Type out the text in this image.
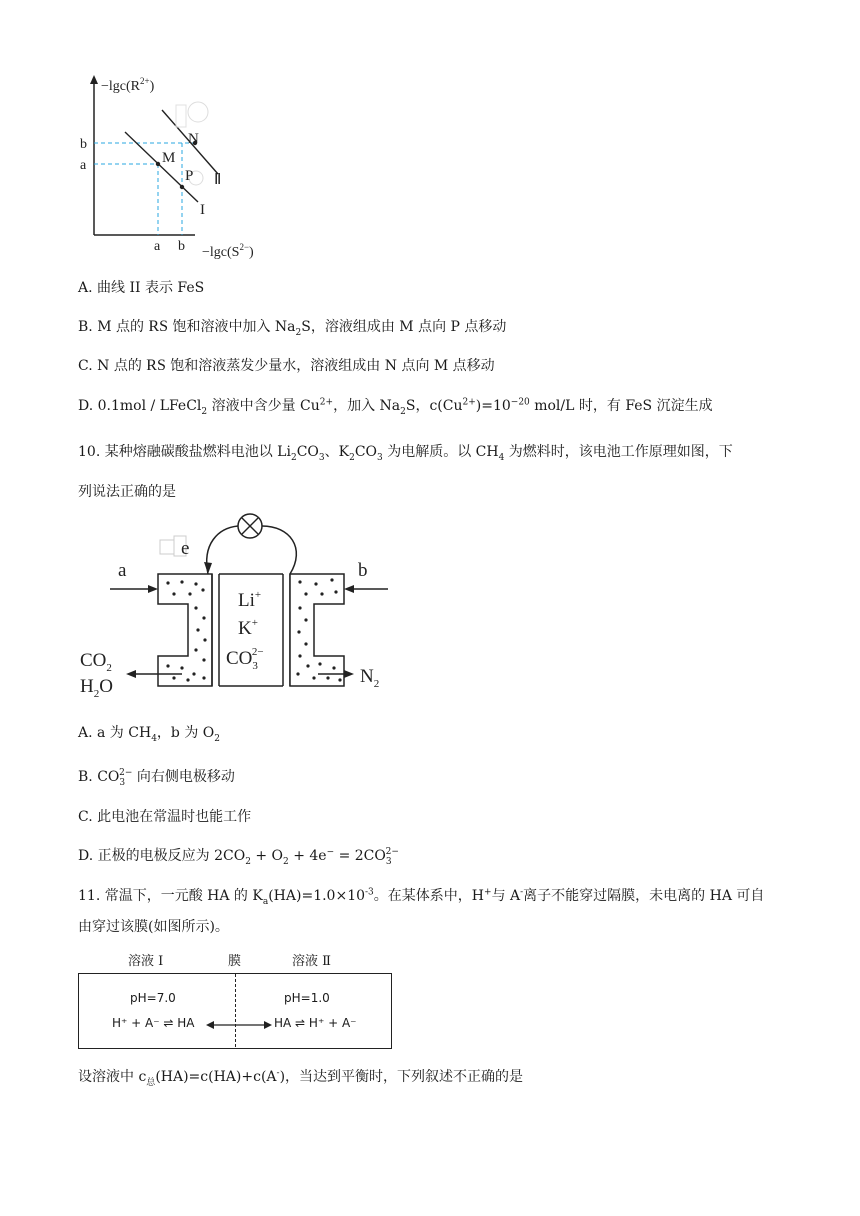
$-\lg c(R^{2+})$
b
a
a $b -\lg c(S^{2-})$
N
M
P
I
Ⅱ
A. 曲线 II 表示 FeS
B. M 点的 RS 饱和溶液中加入 $Na_2S$，溶液组成由 M 点向 P 点移动
C. N 点的 RS 饱和溶液蒸发少量水，溶液组成由 N 点向 M 点移动
D. 0.1mol / LFeCl$_2$ 溶液中含少量 $Cu^{2+}$，加入 $Na_2S$，$c(Cu^{2+})=10^{-20}$ mol/L 时，有 FeS 沉淀生成
10. 某种熔融碳酸盐燃料电池以 $Li_2CO_3$、$K_2CO_3$ 为电解质。以 $CH_4$ 为燃料时，该电池工作原理如图，下
列说法正确的是
e
a	b
Li+
K+
$CO_32-$
$CO_2$
$H_2O$	$N_2$
A. a 为 $CH_4$，b 为 $O_2$
B. $CO_3^{2-}$ 向右侧电极移动
C. 此电池在常温时也能工作
D. 正极的电极反应为 $2CO_2 + O_2 + 4e^- = 2CO_3^{2-}$
11. 常温下，一元酸 HA 的 $K_a(HA)=1.0\times 10^{-3}$。在某体系中，H+与 A-离子不能穿过隔膜，未电离的 HA 可自
由穿过该膜(如图所示)。
溶液 Ⅰ	膜	溶液 Ⅱ
pH=7.0	pH=1.0
H⁺ + A⁻ ⇌ HA	HA ⇌ H⁺ + A⁻
设溶液中 $c_总(HA)=c(HA)+c(A^-)$，当达到平衡时，下列叙述不正确的是
